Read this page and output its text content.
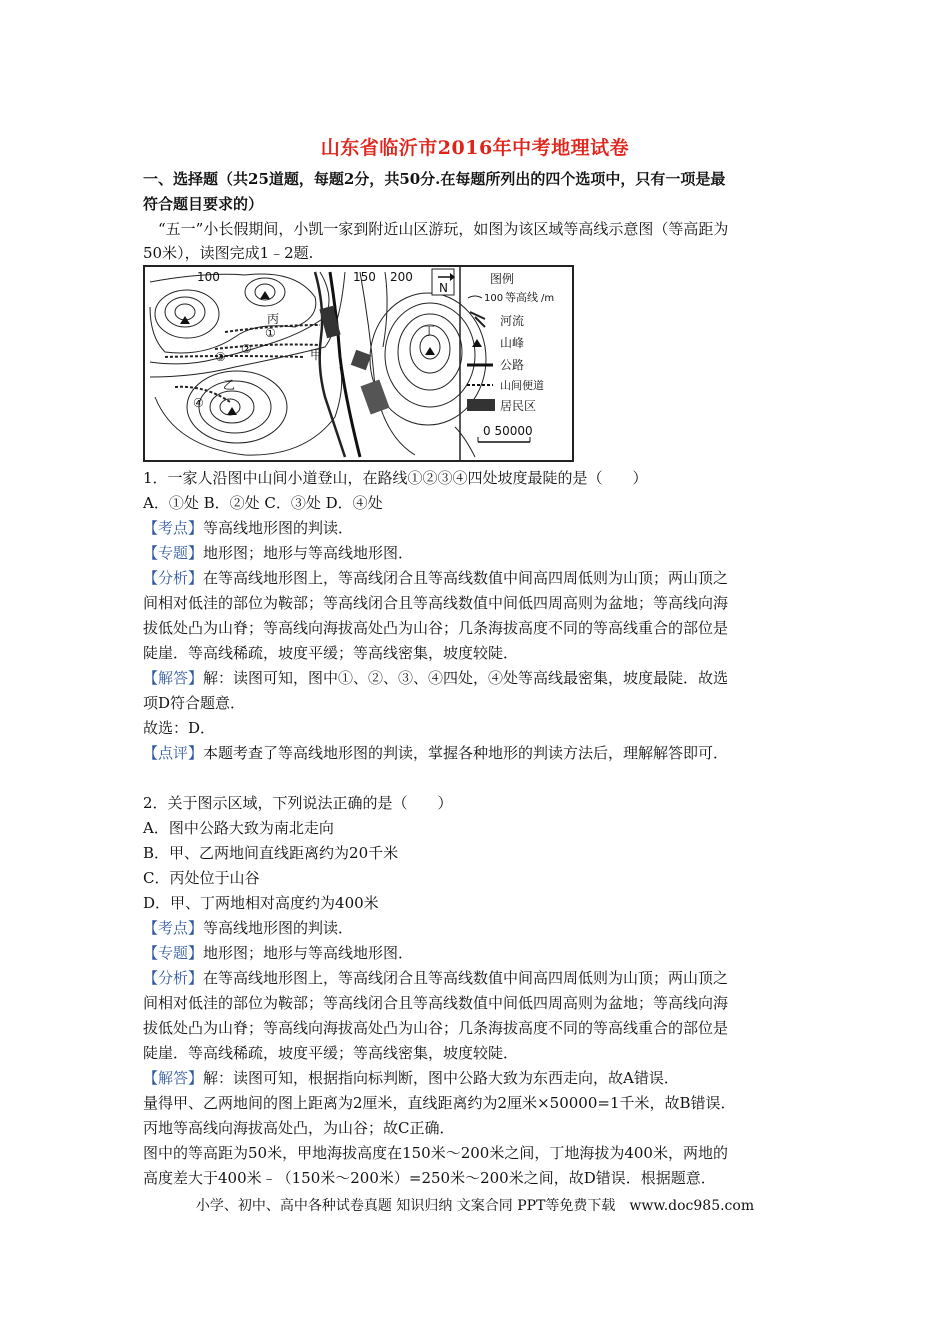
山东省临沂市2016年中考地理试卷
一、选择题（共25道题，每题2分，共50分.在每题所列出的四个选项中，只有一项是最
符合题目要求的）
“五一”小长假期间，小凯一家到附近山区游玩，如图为该区域等高线示意图（等高距为
50米），读图完成1﹣2题.
100	150 200
丙
甲
乙
丁
①
②
③
④
N
图例
100 等高线 /m
河流
山峰
公路
山间便道
居民区
0 50000
1．一家人沿图中山间小道登山，在路线①②③④四处坡度最陡的是（　　）
A．①处 B．②处 C．③处 D．④处
【考点】等高线地形图的判读．
【专题】地形图；地形与等高线地形图．
【分析】在等高线地形图上，等高线闭合且等高线数值中间高四周低则为山顶；两山顶之
间相对低洼的部位为鞍部；等高线闭合且等高线数值中间低四周高则为盆地；等高线向海
拔低处凸为山脊；等高线向海拔高处凸为山谷；几条海拔高度不同的等高线重合的部位是
陡崖．等高线稀疏，坡度平缓；等高线密集，坡度较陡．
【解答】解：读图可知，图中①、②、③、④四处，④处等高线最密集，坡度最陡．故选
项D符合题意．
故选：D．
【点评】本题考查了等高线地形图的判读，掌握各种地形的判读方法后，理解解答即可．
2．关于图示区域，下列说法正确的是（　　）
A．图中公路大致为南北走向
B．甲、乙两地间直线距离约为20千米
C．丙处位于山谷
D．甲、丁两地相对高度约为400米
【考点】等高线地形图的判读．
【专题】地形图；地形与等高线地形图．
【分析】在等高线地形图上，等高线闭合且等高线数值中间高四周低则为山顶；两山顶之
间相对低洼的部位为鞍部；等高线闭合且等高线数值中间低四周高则为盆地；等高线向海
拔低处凸为山脊；等高线向海拔高处凸为山谷；几条海拔高度不同的等高线重合的部位是
陡崖．等高线稀疏，坡度平缓；等高线密集，坡度较陡．
【解答】解：读图可知，根据指向标判断，图中公路大致为东西走向，故A错误．
量得甲、乙两地间的图上距离为2厘米，直线距离约为2厘米×50000=1千米，故B错误．
丙地等高线向海拔高处凸，为山谷；故C正确．
图中的等高距为50米，甲地海拔高度在150米～200米之间，丁地海拔为400米，两地的
高度差大于400米﹣（150米～200米）=250米～200米之间，故D错误．根据题意．
小学、初中、高中各种试卷真题 知识归纳 文案合同 PPT等免费下载　www.doc985.com
